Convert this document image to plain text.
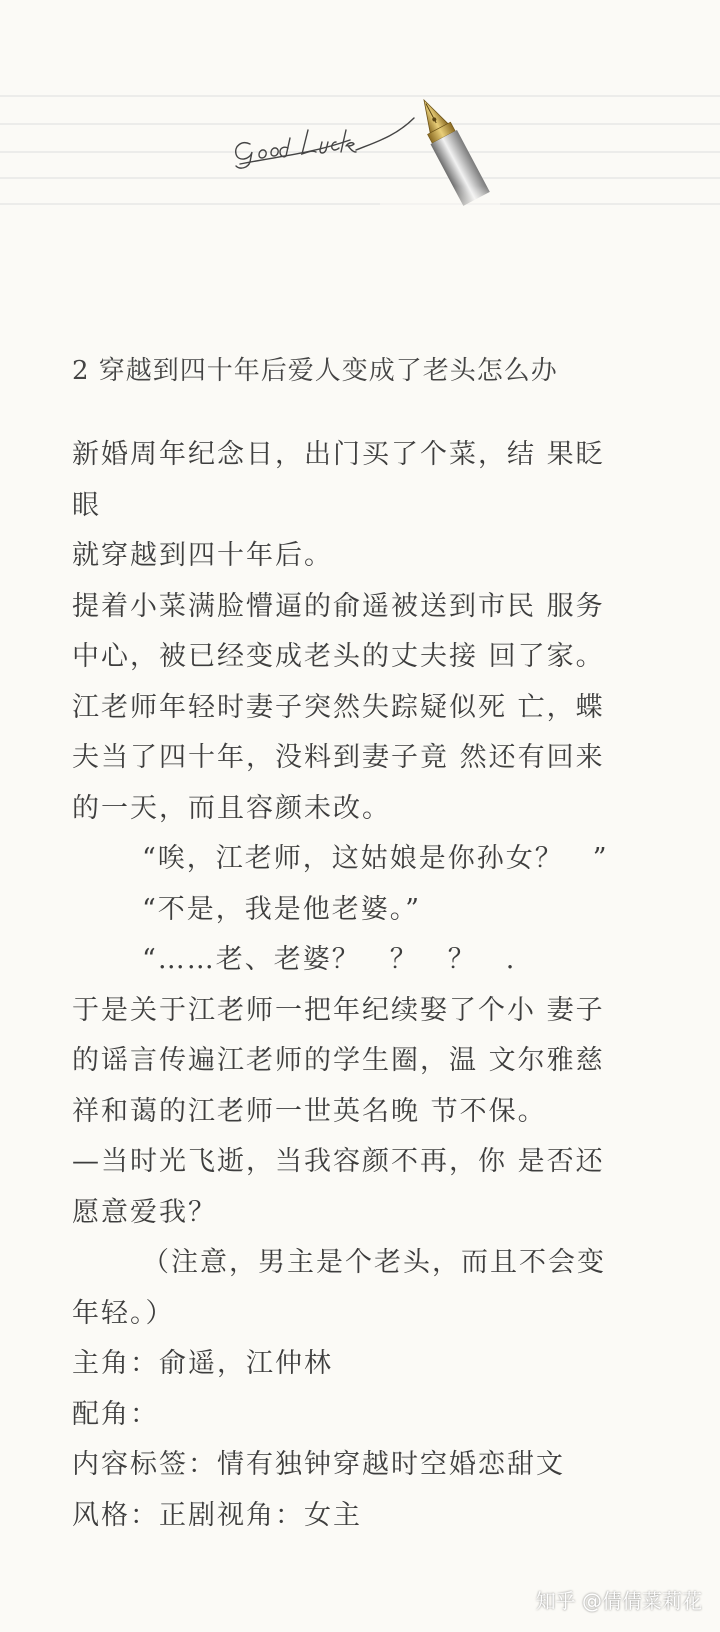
2 穿越到四十年后爱人变成了老头怎么办
新婚周年纪念日，出门买了个菜，结 果眨
眼
就穿越到四十年后。
提着小菜满脸懵逼的俞遥被送到市民 服务
中心，被已经变成老头的丈夫接 回了家。
江老师年轻时妻子突然失踪疑似死 亡，蝶
夫当了四十年，没料到妻子竟 然还有回来
的一天，而且容颜未改。
“唉，江老师，这姑娘是你孙女？　”
“不是，我是他老婆。”
“……老、老婆？　？　？　.
于是关于江老师一把年纪续娶了个小 妻子
的谣言传遍江老师的学生圈，温 文尔雅慈
祥和蔼的江老师一世英名晚 节不保。
—当时光飞逝，当我容颜不再，你 是否还
愿意爱我？
（注意，男主是个老头，而且不会变
年轻。）
主角：俞遥，江仲林
配角：
内容标签：情有独钟穿越时空婚恋甜文
风格：正剧视角：女主
知乎 @倩倩菜莉花
